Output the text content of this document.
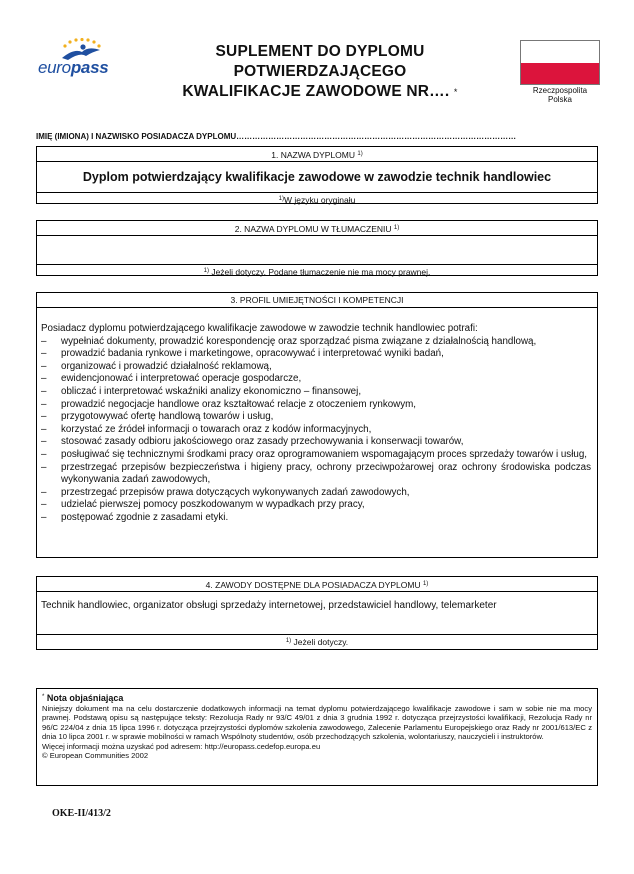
europass
SUPLEMENT DO DYPLOMU POTWIERDZAJĄCEGO
KWALIFIKACJE ZAWODOWE NR…. *	Rzeczpospolita
Polska
IMIĘ (IMIONA) I NAZWISKO POSIADACZA DYPLOMU……………………………………………………………………………………………
1. NAZWA DYPLOMU $^{1)}$
Dyplom potwierdzający kwalifikacje zawodowe w zawodzie technik handlowiec
$^{1)}$W języku oryginału
2. NAZWA DYPLOMU W TŁUMACZENIU $^{1)}$
$^{1)}$ Jeżeli dotyczy. Podane tłumaczenie nie ma mocy prawnej.
3. PROFIL UMIEJĘTNOŚCI I KOMPETENCJI
Posiadacz dyplomu potwierdzającego kwalifikacje zawodowe w zawodzie technik handlowiec potrafi:
– wypełniać dokumenty, prowadzić korespondencję oraz sporządzać pisma związane z działalnością handlową,
– prowadzić badania rynkowe i marketingowe, opracowywać i interpretować wyniki badań,
– organizować i prowadzić działalność reklamową,
– ewidencjonować i interpretować operacje gospodarcze,
– obliczać i interpretować wskaźniki analizy ekonomiczno – finansowej,
– prowadzić negocjacje handlowe oraz kształtować relacje z otoczeniem rynkowym,
– przygotowywać ofertę handlową towarów i usług,
– korzystać ze źródeł informacji o towarach oraz z kodów informacyjnych,
– stosować zasady odbioru jakościowego oraz zasady przechowywania i konserwacji towarów,
– posługiwać się technicznymi środkami pracy oraz oprogramowaniem wspomagającym proces sprzedaży towarów i usług,
– przestrzegać przepisów bezpieczeństwa i higieny pracy, ochrony przeciwpożarowej oraz ochrony środowiska podczas wykonywania zadań zawodowych,
– przestrzegać przepisów prawa dotyczących wykonywanych zadań zawodowych,
– udzielać pierwszej pomocy poszkodowanym w wypadkach przy pracy,
– postępować zgodnie z zasadami etyki.
4. ZAWODY DOSTĘPNE DLA POSIADACZA DYPLOMU $^{1)}$
Technik handlowiec, organizator obsługi sprzedaży internetowej, przedstawiciel handlowy, telemarketer
$^{1)}$ Jeżeli dotyczy.
* Nota objaśniająca
Niniejszy dokument ma na celu dostarczenie dodatkowych informacji na temat dyplomu potwierdzającego kwalifikacje zawodowe i sam w sobie nie ma mocy prawnej. Podstawą opisu są następujące teksty: Rezolucja Rady nr 93/C 49/01 z dnia 3 grudnia 1992 r. dotycząca przejrzystości kwalifikacji, Rezolucja Rady nr 96/C 224/04 z dnia 15 lipca 1996 r. dotycząca przejrzystości dyplomów szkolenia zawodowego, Zalecenie Parlamentu Europejskiego oraz Rady nr 2001/613/EC z dnia 10 lipca 2001 r. w sprawie mobilności w ramach Wspólnoty studentów, osób przechodzących szkolenia, wolontariuszy, nauczycieli i instruktorów.
Więcej informacji można uzyskać pod adresem: http://europass.cedefop.europa.eu
© European Communities 2002
OKE-II/413/2
